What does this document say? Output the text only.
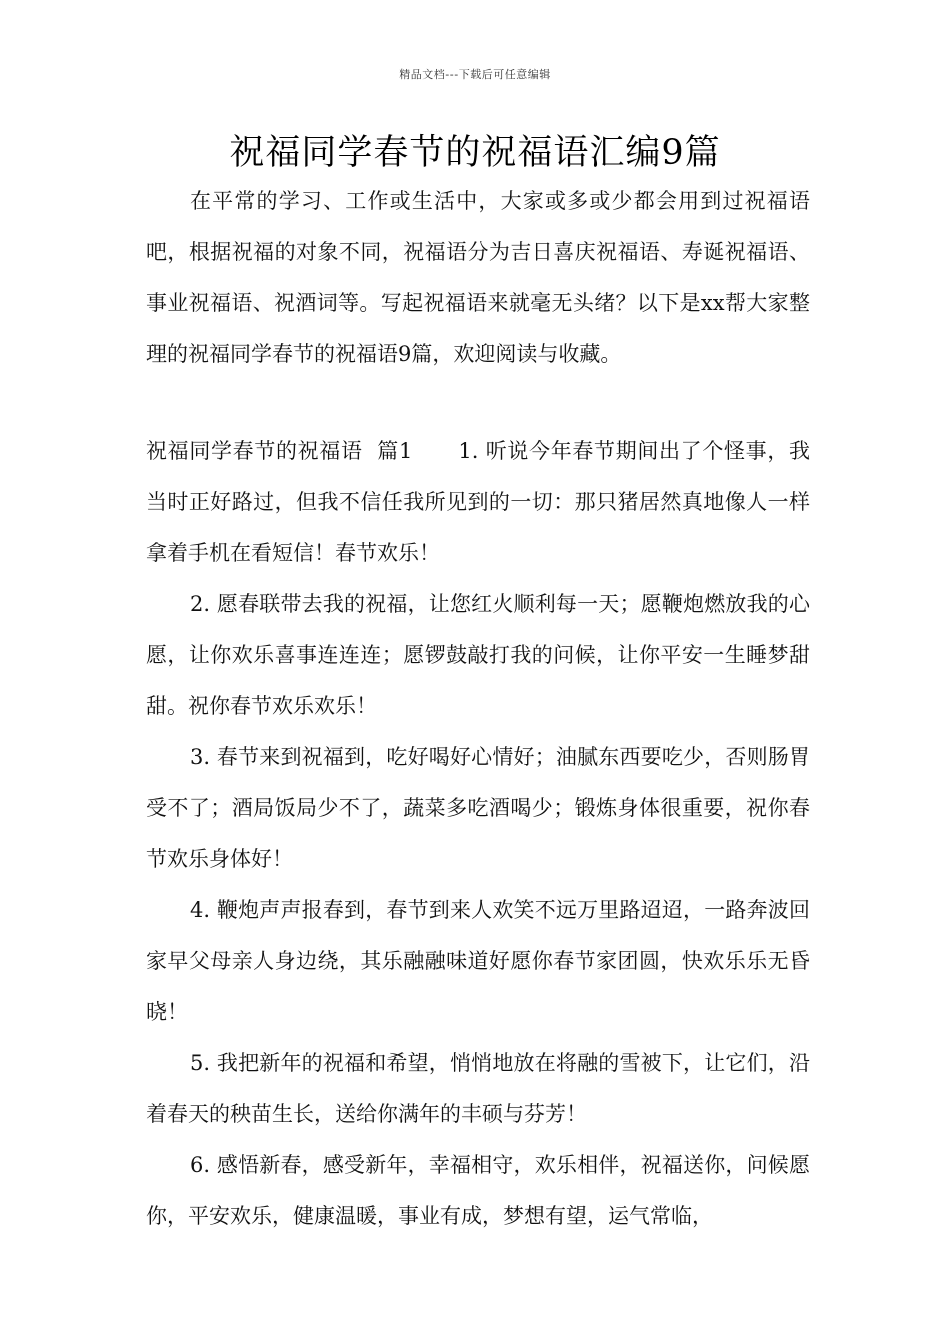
精品文档---下载后可任意编辑
祝福同学春节的祝福语汇编9篇

在平常的学习、工作或生活中，大家或多或少都会用到过祝福语吧，根据祝福的对象不同，祝福语分为吉日喜庆祝福语、寿诞祝福语、事业祝福语、祝酒词等。写起祝福语来就毫无头绪？以下是xx帮大家整理的祝福同学春节的祝福语9篇，欢迎阅读与收藏。

祝福同学春节的祝福语  篇1 1. 听说今年春节期间出了个怪事，我当时正好路过，但我不信任我所见到的一切：那只猪居然真地像人一样拿着手机在看短信！春节欢乐！

2. 愿春联带去我的祝福，让您红火顺利每一天；愿鞭炮燃放我的心愿，让你欢乐喜事连连连；愿锣鼓敲打我的问候，让你平安一生睡梦甜甜。祝你春节欢乐欢乐！

3. 春节来到祝福到，吃好喝好心情好；油腻东西要吃少，否则肠胃受不了；酒局饭局少不了，蔬菜多吃酒喝少；锻炼身体很重要，祝你春节欢乐身体好！

4. 鞭炮声声报春到，春节到来人欢笑不远万里路迢迢，一路奔波回家早父母亲人身边绕，其乐融融味道好愿你春节家团圆，快欢乐乐无昏晓！

5. 我把新年的祝福和希望，悄悄地放在将融的雪被下，让它们，沿着春天的秧苗生长，送给你满年的丰硕与芬芳！

6. 感悟新春，感受新年，幸福相守，欢乐相伴，祝福送你，问候愿你，平安欢乐，健康温暖，事业有成，梦想有望，运气常临，
